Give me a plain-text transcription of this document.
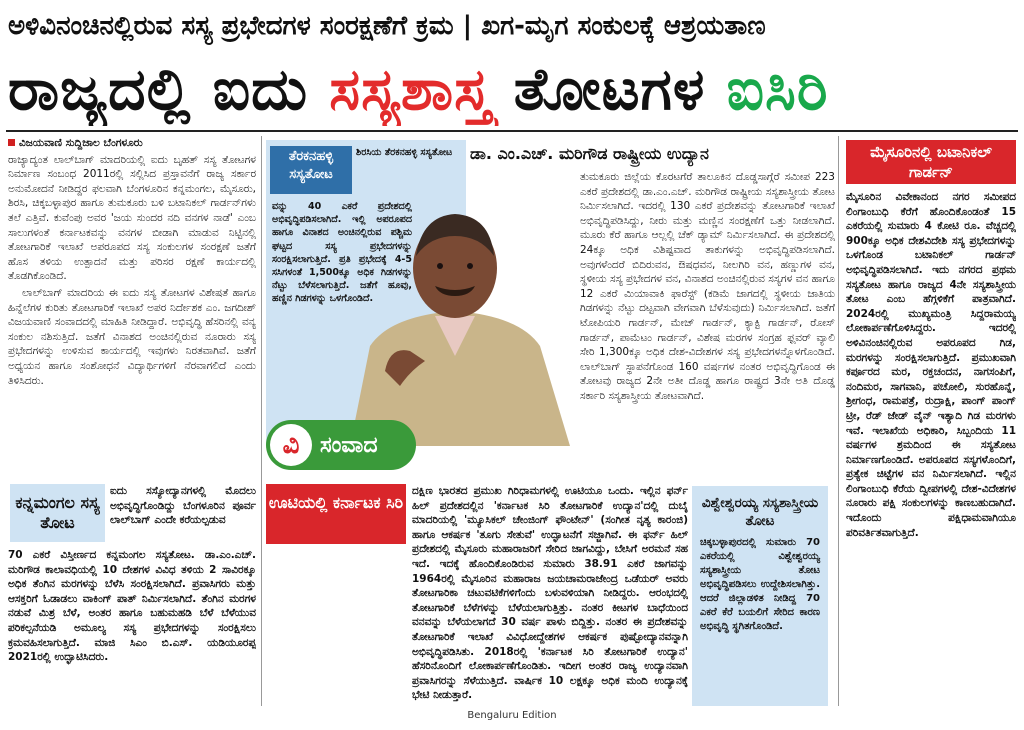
ಅಳಿವಿನಂಚಿನಲ್ಲಿರುವ ಸಸ್ಯ ಪ್ರಭೇದಗಳ ಸಂರಕ್ಷಣೆಗೆ ಕ್ರಮ | ಖಗ-ಮೃಗ ಸಂಕುಲಕ್ಕೆ ಆಶ್ರಯತಾಣ
ರಾಜ್ಯದಲ್ಲಿ ಐದು ಸಸ್ಯಶಾಸ್ತ್ರ ತೋಟಗಳ ಐಸಿರಿ

ವಿಜಯವಾಣಿ ಸುದ್ದಿಜಾಲ ಬೆಂಗಳೂರು

ರಾಜ್ಯಾದ್ಯಂತ ಲಾಲ್‌ಬಾಗ್ ಮಾದರಿಯಲ್ಲಿ ಐದು ಬೃಹತ್ ಸಸ್ಯ ತೋಟಗಳ ನಿರ್ಮಾಣ ಸಂಬಂಧ 2011ರಲ್ಲಿ ಸಲ್ಲಿಸಿದ ಪ್ರಸ್ತಾವನೆಗೆ ರಾಜ್ಯ ಸರ್ಕಾರ ಅನುಮೋದನೆ ನೀಡಿದ್ದರ ಫಲವಾಗಿ ಬೆಂಗಳೂರಿನ ಕನ್ನಮಂಗಲ, ಮೈಸೂರು, ಶಿರಸಿ, ಚಿಕ್ಕಬಳ್ಳಾಪುರ ಹಾಗೂ ತುಮಕೂರು ಬಳಿ ಬಟಾನಿಕಲ್ ಗಾರ್ಡನ್‌ಗಳು ತಲೆ ಎತ್ತಿವೆ. ಕುವೆಂಪು ಅವರ 'ಜಯ ಸುಂದರ ನದಿ ವನಗಳ ನಾಡೆ' ಎಂಬ ಸಾಲುಗಳಂತೆ ಕರ್ನಾಟಕವನ್ನು ವನಗಳ ಬೀಡಾಗಿ ಮಾಡುವ ನಿಟ್ಟಿನಲ್ಲಿ ತೋಟಗಾರಿಕೆ ಇಲಾಖೆ ಅಪರೂಪದ ಸಸ್ಯ ಸಂಕುಲಗಳ ಸಂರಕ್ಷಣೆ ಜತೆಗೆ ಹೊಸ ತಳಿಯ ಉತ್ಪಾದನೆ ಮತ್ತು ಪರಿಸರ ರಕ್ಷಣೆ ಕಾರ್ಯದಲ್ಲಿ ತೊಡಗಿಕೊಂಡಿದೆ.

ಲಾಲ್‌ಬಾಗ್ ಮಾದರಿಯ ಈ ಐದು ಸಸ್ಯ ತೋಟಗಳ ವಿಶೇಷತೆ ಹಾಗೂ ಹಿನ್ನೆಲೆಗಳ ಕುರಿತು ತೋಟಗಾರಿಕೆ ಇಲಾಖೆ ಅಪರ ನಿರ್ದೇಶಕ ಎಂ. ಜಗದೀಶ್ ವಿಜಯವಾಣಿ ಸಂವಾದದಲ್ಲಿ ಮಾಹಿತಿ ನೀಡಿದ್ದಾರೆ. ಅಭಿವೃದ್ಧಿ ಹೆಸರಿನಲ್ಲಿ ವನ್ಯ ಸಂಕುಲ ನಶಿಸುತ್ತಿದೆ. ಜತೆಗೆ ವಿನಾಶದ ಅಂಚಿನಲ್ಲಿರುವ ನೂರಾರು ಸಸ್ಯ ಪ್ರಭೇದಗಳನ್ನು ಉಳಿಸುವ ಕಾರ್ಯದಲ್ಲಿ ಇವುಗಳು ನಿರತವಾಗಿವೆ. ಜತೆಗೆ ಅಧ್ಯಯನ ಹಾಗೂ ಸಂಶೋಧನೆ ವಿದ್ಯಾರ್ಥಿಗಳಿಗೆ ನೆರವಾಗಲಿದೆ ಎಂದು ತಿಳಿಸಿದರು.

ಕನ್ನಮಂಗಲ ಸಸ್ಯ ತೋಟ
ಐದು ಸಸ್ಯೋದ್ಯಾನಗಳಲ್ಲಿ ಮೊದಲು ಅಭಿವೃದ್ಧಿಗೊಂಡಿದ್ದು ಬೆಂಗಳೂರಿನ ಪೂರ್ವ ಲಾಲ್‌ಬಾಗ್ ಎಂದೇ ಕರೆಯಲ್ಪಡುವ
70 ಎಕರೆ ವಿಸ್ತೀರ್ಣದ ಕನ್ನಮಂಗಲ ಸಸ್ಯತೋಟ. ಡಾ.ಎಂ.ಎಚ್. ಮರಿಗೌಡ ಕಾಲಾವಧಿಯಲ್ಲಿ 10 ದೇಶಗಳ ವಿವಿಧ ತಳಿಯ 2 ಸಾವಿರಕ್ಕೂ ಅಧಿಕ ತೆಂಗಿನ ಮರಗಳನ್ನು ಬೆಳೆಸಿ ಸಂರಕ್ಷಿಸಲಾಗಿದೆ. ಪ್ರವಾಸಿಗರು ಮತ್ತು ಆಸಕ್ತರಿಗೆ ಓಡಾಡಲು ವಾಕಿಂಗ್ ಪಾತ್ ನಿರ್ಮಿಸಲಾಗಿದೆ. ತೆಂಗಿನ ಮರಗಳ ನಡುವೆ ಮಿಶ್ರ ಬೆಳೆ, ಅಂತರ ಹಾಗೂ ಬಹುಮಹಡಿ ಬೆಳೆ ಬೆಳೆಯುವ ಪರಿಕಲ್ಪನೆಯಡಿ ಅಮೂಲ್ಯ ಸಸ್ಯ ಪ್ರಭೇದಗಳನ್ನು ಸಂರಕ್ಷಿಸಲು ಕ್ರಮವಹಿಸಲಾಗುತ್ತಿದೆ. ಮಾಜಿ ಸಿಎಂ ಬಿ.ಎಸ್. ಯಡಿಯೂರಪ್ಪ 2021ರಲ್ಲಿ ಉದ್ಘಾಟಿಸಿದರು.
ತೆರಕನಹಳ್ಳಿ ಸಸ್ಯತೋಟ
ಶಿರಸಿಯ ತೆರಕನಹಳ್ಳಿ ಸಸ್ಯತೋಟ
ವನ್ನು 40 ಎಕರೆ ಪ್ರದೇಶದಲ್ಲಿ ಅಭಿವೃದ್ಧಿಪಡಿಸಲಾಗಿದೆ. ಇಲ್ಲಿ ಅಪರೂಪದ ಹಾಗೂ ವಿನಾಶದ ಅಂಚಿನಲ್ಲಿರುವ ಪಶ್ಚಿಮ ಘಟ್ಟದ ಸಸ್ಯ ಪ್ರಭೇದಗಳನ್ನು ಸಂರಕ್ಷಿಸಲಾಗುತ್ತಿದೆ. ಪ್ರತಿ ಪ್ರಭೇದಕ್ಕೆ 4-5 ಸಸಿಗಳಂತೆ 1,500ಕ್ಕೂ ಅಧಿಕ ಗಿಡಗಳನ್ನು ನೆಟ್ಟು ಬೆಳೆಸಲಾಗುತ್ತಿದೆ. ಜತೆಗೆ ಹೂವು, ಹಣ್ಣಿನ ಗಿಡಗಳನ್ನು ಒಳಗೊಂಡಿದೆ.
ವಿ ಸಂವಾದ
ಡಾ. ಎಂ.ಎಚ್. ಮರಿಗೌಡ ರಾಷ್ಟ್ರೀಯ ಉದ್ಯಾನ
ತುಮಕೂರು ಜಿಲ್ಲೆಯ ಕೊರಟಗೆರೆ ತಾಲೂಕಿನ ದೊಡ್ಡಸಾಗ್ಗೆರೆ ಸಮೀಪ 223 ಎಕರೆ ಪ್ರದೇಶದಲ್ಲಿ ಡಾ.ಎಂ.ಎಚ್. ಮರಿಗೌಡ ರಾಷ್ಟ್ರೀಯ ಸಸ್ಯಶಾಸ್ತ್ರೀಯ ತೋಟ ನಿರ್ಮಿಸಲಾಗಿದೆ. ಇದರಲ್ಲಿ 130 ಎಕರೆ ಪ್ರದೇಶವನ್ನು ತೋಟಗಾರಿಕೆ ಇಲಾಖೆ ಅಭಿವೃದ್ಧಿಪಡಿಸಿದ್ದು, ನೀರು ಮತ್ತು ಮಣ್ಣಿನ ಸಂರಕ್ಷಣೆಗೆ ಒತ್ತು ನೀಡಲಾಗಿದೆ. ಮೂರು ಕೆರೆ ಹಾಗೂ ಆಲ್ಲಲ್ಲಿ ಚೆಕ್ ಡ್ಯಾಮ್ ನಿರ್ಮಿಸಲಾಗಿದೆ. ಈ ಪ್ರದೇಶದಲ್ಲಿ 24ಕ್ಕೂ ಅಧಿಕ ವಿಶಿಷ್ಟವಾದ ತಾಕುಗಳನ್ನು ಅಭಿವೃದ್ಧಿಪಡಿಸಲಾಗಿದೆ. ಅವುಗಳೆಂದರೆ ಬಿದಿರುವನ, ಔಷಧವನ, ನೀಲಗಿರಿ ವನ, ಹಣ್ಣುಗಳ ವನ, ಸ್ಥಳೀಯ ಸಸ್ಯ ಪ್ರಭೇದಗಳ ವನ, ವಿನಾಶದ ಅಂಚಿನಲ್ಲಿರುವ ಸಸ್ಯಗಳ ವನ ಹಾಗೂ 12 ಎಕರೆ ಮಿಯಾವಾಕಿ ಫಾರೆಸ್ಟ್ (ಕಡಿಮೆ ಜಾಗದಲ್ಲಿ ಸ್ಥಳೀಯ ಜಾತಿಯ ಗಿಡಗಳನ್ನು ನೆಟ್ಟು ದಟ್ಟವಾಗಿ ವೇಗವಾಗಿ ಬೆಳೆಸುವುದು) ನಿರ್ಮಿಸಲಾಗಿದೆ. ಜತೆಗೆ ಟೋಪಿಯರಿ ಗಾರ್ಡನ್, ಮೇಜ್ ಗಾರ್ಡನ್, ಕ್ಯಾಕ್ಟಿ ಗಾರ್ಡನ್, ರೋಸ್ ಗಾರ್ಡನ್, ಪಾಮೆಟಂ ಗಾರ್ಡನ್, ವಿಶೇಷ ಮರಗಳ ಸಂಗ್ರಹ ಫ್ಲವರ್ ವ್ಯಾಲಿ ಸೇರಿ 1,300ಕ್ಕೂ ಅಧಿಕ ದೇಶ-ವಿದೇಶಗಳ ಸಸ್ಯ ಪ್ರಭೇದಗಳನ್ನೊಳಗೊಂಡಿದೆ. ಲಾಲ್‌ಬಾಗ್ ಸ್ಥಾಪನೆಗೊಂಡ 160 ವರ್ಷಗಳ ನಂತರ ಅಭಿವೃದ್ಧಿಗೊಂಡ ಈ ತೋಟವು ರಾಜ್ಯದ 2ನೇ ಅತೀ ದೊಡ್ಡ ಹಾಗೂ ರಾಷ್ಟ್ರದ 3ನೇ ಅತಿ ದೊಡ್ಡ ಸರ್ಕಾರಿ ಸಸ್ಯಶಾಸ್ತ್ರೀಯ ತೋಟವಾಗಿದೆ.
ಊಟಿಯಲ್ಲಿ ಕರ್ನಾಟಕ ಸಿರಿ
ದಕ್ಷಿಣ ಭಾರತದ ಪ್ರಮುಖ ಗಿರಿಧಾಮಗಳಲ್ಲಿ ಊಟಿಯೂ ಒಂದು. ಇಲ್ಲಿನ ಫರ್ನ್ ಹಿಲ್ ಪ್ರದೇಶದಲ್ಲಿನ 'ಕರ್ನಾಟಕ ಸಿರಿ ತೋಟಗಾರಿಕೆ ಉದ್ಯಾನ'ದಲ್ಲಿ ದುಬೈ ಮಾದರಿಯಲ್ಲಿ 'ಮ್ಯೂಸಿಕಲ್ ಚೇಂಜಿಂಗ್ ಫೌಂಟೇನ್' (ಸಂಗೀತ ನೃತ್ಯ ಕಾರಂಜಿ) ಹಾಗೂ ಆಕರ್ಷಕ 'ತೂಗು ಸೇತುವೆ' ಉದ್ಘಾಟನೆಗೆ ಸಜ್ಜಾಗಿವೆ. ಈ ಫರ್ನ್ ಹಿಲ್ ಪ್ರದೇಶದಲ್ಲಿ ಮೈಸೂರು ಮಹಾರಾಜರಿಗೆ ಸೇರಿದ ಜಾಗವಿದ್ದು, ಬೇಸಿಗೆ ಅರಮನೆ ಸಹ ಇದೆ. ಇದಕ್ಕೆ ಹೊಂದಿಕೊಂಡಿರುವ ಸುಮಾರು 38.91 ಎಕರೆ ಜಾಗವನ್ನು 1964ರಲ್ಲಿ ಮೈಸೂರಿನ ಮಹಾರಾಜ ಜಯಚಾಮರಾಜೇಂದ್ರ ಒಡೆಯರ್ ಅವರು ತೋಟಗಾರಿಕಾ ಚಟುವಟಿಕೆಗಳಿಗೆಂದು ಬಳುವಳಿಯಾಗಿ ನೀಡಿದ್ದರು. ಆರಂಭದಲ್ಲಿ ತೋಟಗಾರಿಕೆ ಬೆಳೆಗಳನ್ನು ಬೆಳೆಯಲಾಗುತ್ತಿತ್ತು. ನಂತರ ಕೀಟಗಳ ಬಾಧೆಯಿಂದ ವನವನ್ನು ಬೆಳೆಯಲಾಗದೆ 30 ವರ್ಷ ಪಾಳು ಬಿದ್ದಿತ್ತು. ನಂತರ ಈ ಪ್ರದೇಶವನ್ನು ತೋಟಗಾರಿಕೆ ಇಲಾಖೆ ವಿವಿಧೋದ್ದೇಶಗಳ ಆಕರ್ಷಕ ಪುಷ್ಪೋದ್ಯಾನವನ್ನಾಗಿ ಅಭಿವೃದ್ಧಿಪಡಿಸಿತು. 2018ರಲ್ಲಿ 'ಕರ್ನಾಟಕ ಸಿರಿ ತೋಟಗಾರಿಕೆ ಉದ್ಯಾನ' ಹೆಸರಿನೊಂದಿಗೆ ಲೋಕಾರ್ಪಣೆಗೊಂಡಿತು. ಇದೀಗ ಅಂತರ ರಾಜ್ಯ ಉದ್ಯಾನವಾಗಿ ಪ್ರವಾಸಿಗರನ್ನು ಸೆಳೆಯುತ್ತಿದೆ. ವಾರ್ಷಿಕ 10 ಲಕ್ಷಕ್ಕೂ ಅಧಿಕ ಮಂದಿ ಉದ್ಯಾನಕ್ಕೆ ಭೇಟಿ ನೀಡುತ್ತಾರೆ.
ವಿಶ್ವೇಶ್ವರಯ್ಯ ಸಸ್ಯಶಾಸ್ತ್ರೀಯ ತೋಟ
ಚಿಕ್ಕಬಳ್ಳಾಪುರದಲ್ಲಿ ಸುಮಾರು 70 ಎಕರೆಯಲ್ಲಿ ವಿಶ್ವೇಶ್ವರಯ್ಯ ಸಸ್ಯಶಾಸ್ತ್ರೀಯ ತೋಟ ಅಭಿವೃದ್ಧಿಪಡಿಸಲು ಉದ್ದೇಶಿಸಲಾಗಿತ್ತು. ಆದರೆ ಜಿಲ್ಲಾಡಳಿತ ನೀಡಿದ್ದ 70 ಎಕರೆ ಕೆರೆ ಬಯಲಿಗೆ ಸೇರಿದ ಕಾರಣ ಅಭಿವೃದ್ಧಿ ಸ್ಥಗಿತಗೊಂಡಿದೆ.
ಮೈಸೂರಿನಲ್ಲಿ ಬಟಾನಿಕಲ್ ಗಾರ್ಡನ್
ಮೈಸೂರಿನ ವಿವೇಕಾನಂದ ನಗರ ಸಮೀಪದ ಲಿಂಗಾಂಬುಧಿ ಕೆರೆಗೆ ಹೊಂದಿಕೊಂಡಂತೆ 15 ಎಕರೆಯಲ್ಲಿ ಸುಮಾರು 4 ಕೋಟಿ ರೂ. ವೆಚ್ಚದಲ್ಲಿ 900ಕ್ಕೂ ಅಧಿಕ ದೇಶವಿದೇಶಿ ಸಸ್ಯ ಪ್ರಭೇದಗಳನ್ನು ಒಳಗೊಂಡ ಬಟಾನಿಕಲ್ ಗಾರ್ಡನ್ ಅಭಿವೃದ್ಧಿಪಡಿಸಲಾಗಿದೆ. ಇದು ನಗರದ ಪ್ರಥಮ ಸಸ್ಯತೋಟ ಹಾಗೂ ರಾಜ್ಯದ 4ನೇ ಸಸ್ಯಶಾಸ್ತ್ರೀಯ ತೋಟ ಎಂಬ ಹೆಗ್ಗಳಿಕೆಗೆ ಪಾತ್ರವಾಗಿದೆ. 2024ರಲ್ಲಿ ಮುಖ್ಯಮಂತ್ರಿ ಸಿದ್ದರಾಮಯ್ಯ ಲೋಕಾರ್ಪಣೆಗೊಳಿಸಿದ್ದರು. ಇದರಲ್ಲಿ ಅಳಿವಿನಂಚಿನಲ್ಲಿರುವ ಅಪರೂಪದ ಗಿಡ, ಮರಗಳನ್ನು ಸಂರಕ್ಷಿಸಲಾಗುತ್ತಿದೆ. ಪ್ರಮುಖವಾಗಿ ಕರ್ಪೂರದ ಮರ, ರಕ್ತಚಂದನ, ನಾಗಸಂಪಿಗೆ, ನಂದಿಮರ, ಸಾಗವಾನಿ, ಪಚೋಲಿ, ಸುರಹೊನ್ನೆ, ಶ್ರೀಗಂಧ, ರಾಮಪತ್ರೆ, ರುದ್ರಾಕ್ಷಿ, ಪಾಂಗ್ ಪಾಂಗ್ ಟ್ರೀ, ರೆಡ್ ಜೇಡ್ ವೈನ್ ಇತ್ಯಾದಿ ಗಿಡ ಮರಗಳು ಇವೆ. ಇಲಾಖೆಯ ಅಧಿಕಾರಿ, ಸಿಬ್ಬಂದಿಯ 11 ವರ್ಷಗಳ ಶ್ರಮದಿಂದ ಈ ಸಸ್ಯತೋಟ ನಿರ್ಮಾಣಗೊಂಡಿದೆ. ಅಪರೂಪದ ಸಸ್ಯಗಳೊಂದಿಗೆ, ಪ್ರತ್ಯೇಕ ಚಿಟ್ಟೆಗಳ ವನ ನಿರ್ಮಿಸಲಾಗಿದೆ. ಇಲ್ಲಿನ ಲಿಂಗಾಂಬುಧಿ ಕೆರೆಯ ದ್ವೀಪಗಳಲ್ಲಿ ದೇಶ-ವಿದೇಶಗಳ ನೂರಾರು ಪಕ್ಷಿ ಸಂಕುಲಗಳನ್ನು ಕಾಣಬಹುದಾಗಿದೆ. ಇದೊಂದು ಪಕ್ಷಿಧಾಮವಾಗಿಯೂ ಪರಿವರ್ತಿತವಾಗುತ್ತಿದೆ.
Bengaluru Edition
